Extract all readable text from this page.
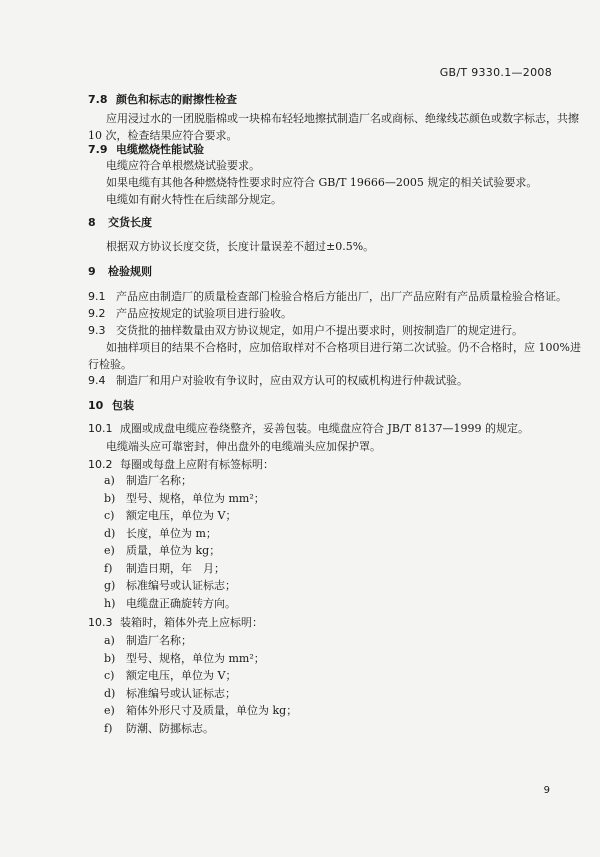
GB/T 9330.1—2008
7.8 颜色和标志的耐擦性检查
应用浸过水的一团脱脂棉或一块棉布轻轻地擦拭制造厂名或商标、绝缘线芯颜色或数字标志，共擦
10 次，检查结果应符合要求。
7.9 电缆燃烧性能试验
电缆应符合单根燃烧试验要求。
如果电缆有其他各种燃烧特性要求时应符合 GB/T 19666—2005 规定的相关试验要求。
电缆如有耐火特性在后续部分规定。
8 交货长度
根据双方协议长度交货，长度计量误差不超过±0.5%。
9 检验规则
9.1 产品应由制造厂的质量检查部门检验合格后方能出厂，出厂产品应附有产品质量检验合格证。
9.2 产品应按规定的试验项目进行验收。
9.3 交货批的抽样数量由双方协议规定，如用户不提出要求时，则按制造厂的规定进行。
如抽样项目的结果不合格时，应加倍取样对不合格项目进行第二次试验。仍不合格时，应 100%进
行检验。
9.4 制造厂和用户对验收有争议时，应由双方认可的权威机构进行仲裁试验。
10 包装
10.1 成圈或成盘电缆应卷绕整齐，妥善包装。电缆盘应符合 JB/T 8137—1999 的规定。
电缆端头应可靠密封，伸出盘外的电缆端头应加保护罩。
10.2 每圈或每盘上应附有标签标明：
a) 制造厂名称；
b) 型号、规格，单位为 mm²；
c) 额定电压，单位为 V；
d) 长度，单位为 m；
e) 质量，单位为 kg；
f) 制造日期，年　月；
g) 标准编号或认证标志；
h) 电缆盘正确旋转方向。
10.3 装箱时，箱体外壳上应标明：
a) 制造厂名称；
b) 型号、规格，单位为 mm²；
c) 额定电压，单位为 V；
d) 标准编号或认证标志；
e) 箱体外形尺寸及质量，单位为 kg；
f) 防潮、防挪标志。
9
